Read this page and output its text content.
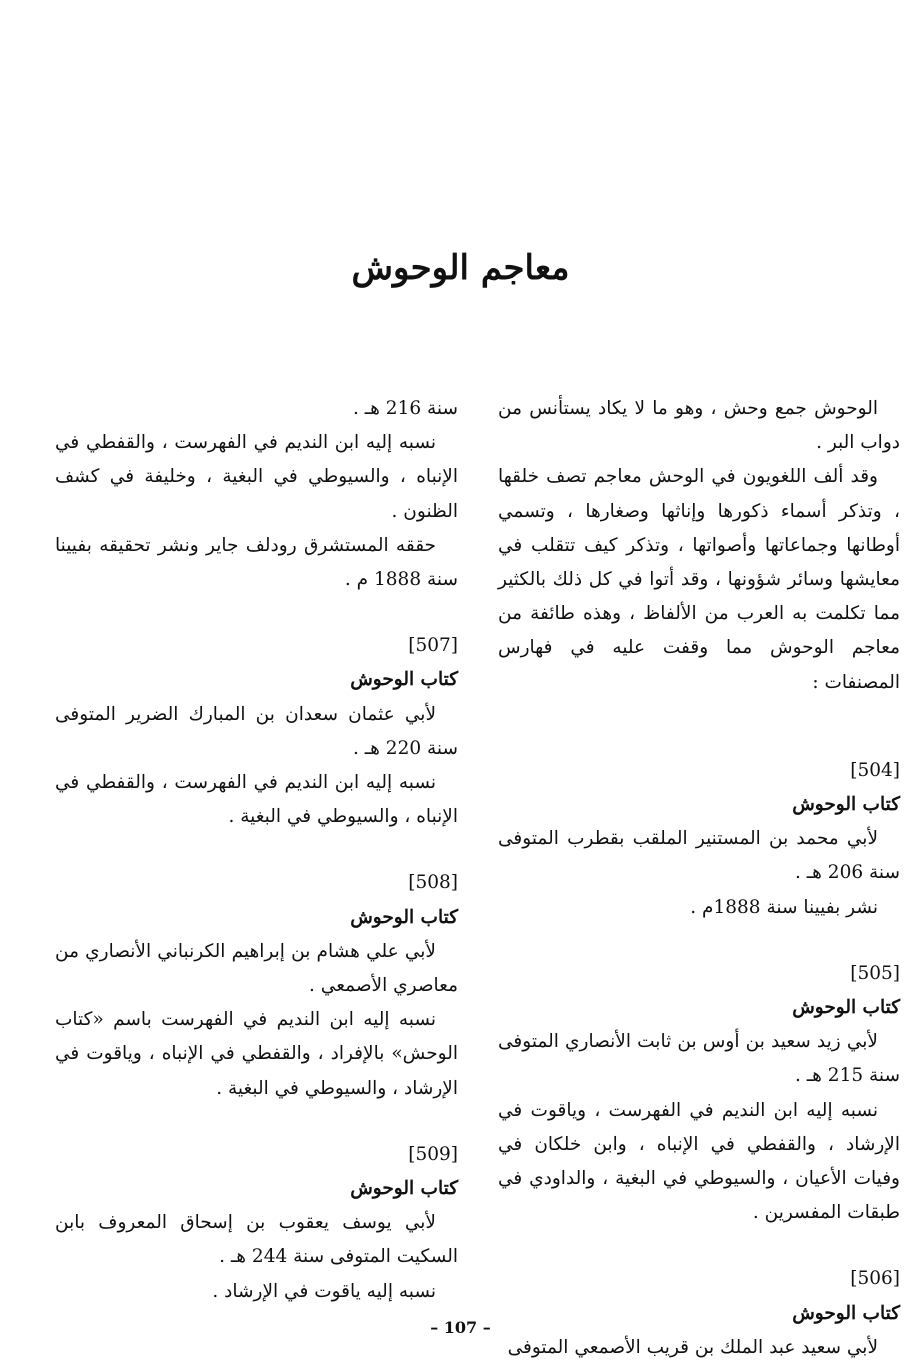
معاجم الوحوش

الوحوش جمع وحش ، وهو ما لا يكاد يستأنس من دواب البر .

وقد ألف اللغويون في الوحش معاجم تصف خلقها ، وتذكر أسماء ذكورها وإناثها وصغارها ، وتسمي أوطانها وجماعاتها وأصواتها ، وتذكر كيف تتقلب في معايشها وسائر شؤونها ، وقد أتوا في كل ذلك بالكثير مما تكلمت به العرب من الألفاظ ، وهذه طائفة من معاجم الوحوش مما وقفت عليه في فهارس المصنفات :

[504]

كتاب الوحوش

لأبي محمد بن المستنير الملقب بقطرب المتوفى سنة 206 هـ .

نشر بفيينا سنة 1888م .

[505]

كتاب الوحوش

لأبي زيد سعيد بن أوس بن ثابت الأنصاري المتوفى سنة 215 هـ .

نسبه إليه ابن النديم في الفهرست ، وياقوت في الإرشاد ، والقفطي في الإنباه ، وابن خلكان في وفيات الأعيان ، والسيوطي في البغية ، والداودي في طبقات المفسرين .

[506]

كتاب الوحوش

لأبي سعيد عبد الملك بن قريب الأصمعي المتوفى

سنة 216 هـ .

نسبه إليه ابن النديم في الفهرست ، والقفطي في الإنباه ، والسيوطي في البغية ، وخليفة في كشف الظنون .

حققه المستشرق رودلف جاير ونشر تحقيقه بفيينا سنة 1888 م .

[507]

كتاب الوحوش

لأبي عثمان سعدان بن المبارك الضرير المتوفى سنة 220 هـ .

نسبه إليه ابن النديم في الفهرست ، والقفطي في الإنباه ، والسيوطي في البغية .

[508]

كتاب الوحوش

لأبي علي هشام بن إبراهيم الكرنباني الأنصاري من معاصري الأصمعي .

نسبه إليه ابن النديم في الفهرست باسم «كتاب الوحش» بالإفراد ، والقفطي في الإنباه ، وياقوت في الإرشاد ، والسيوطي في البغية .

[509]

كتاب الوحوش

لأبي يوسف يعقوب بن إسحاق المعروف بابن السكيت المتوفى سنة 244 هـ .

نسبه إليه ياقوت في الإرشاد .

– 107 –
